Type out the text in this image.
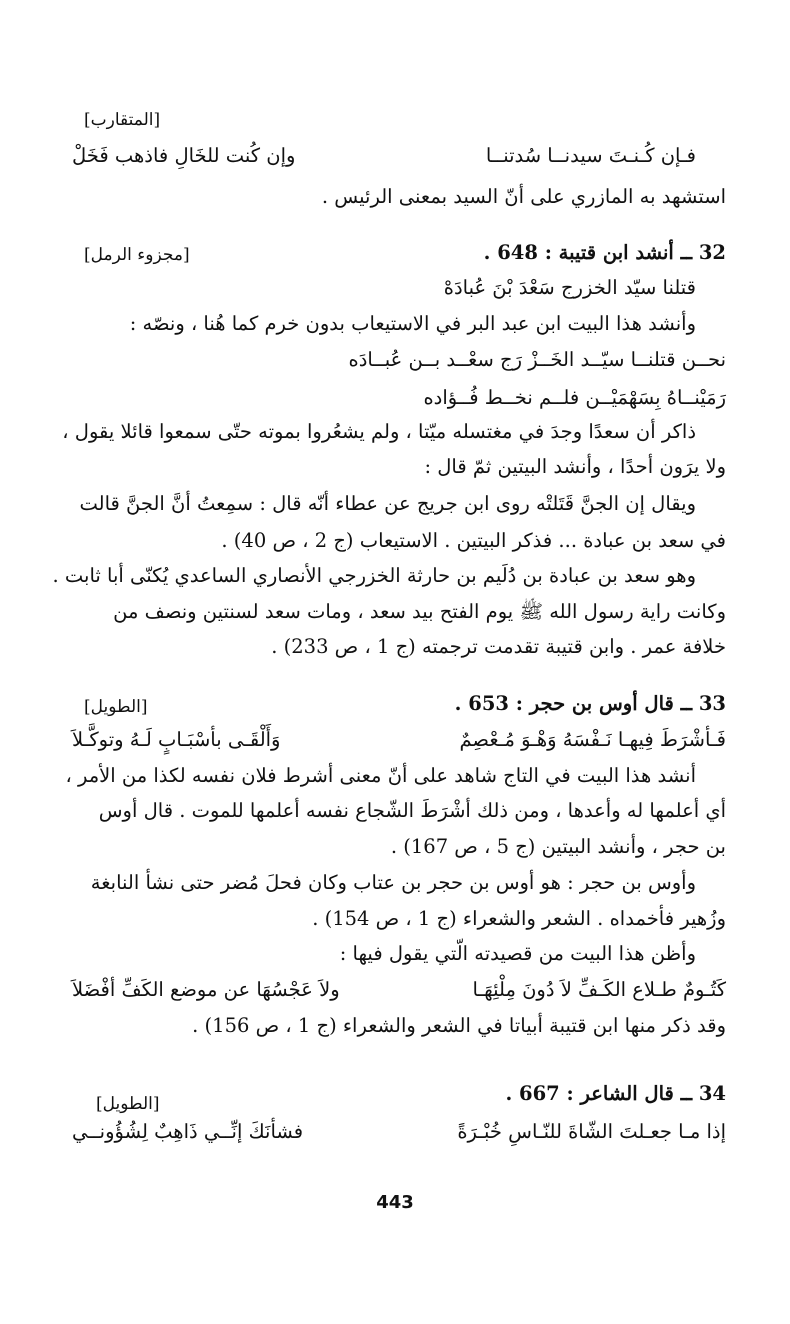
[المتقارب]
فـإن كُـنـتَ سيدنــا سُدتنــا
وإن كُنت للخَالِ فاذهب فَخَلْ
استشهد به المازري على أنّ السيد بمعنى الرئيس .
32 ــ أنشد ابن قتيبة : 648 .
[مجزوء الرمل]
قتلنا سيّد الخزرج سَعْدَ بْنَ عُبادَهْ
وأنشد هذا البيت ابن عبد البر في الاستيعاب بدون خرم كما هُنا ، ونصّه :
نحــن قتلنــا سيّــد الخَــزْ رَج سعْــد بــن عُبــادَه
رَمَيْنــاهُ بِسَهْمَيْــن فلــم نخــط فُــؤاده
ذاكر أن سعدًا وجدَ في مغتسله ميّتا ، ولم يشعُروا بموته حتّى سمعوا قائلا يقول ،
ولا يرَون أحدًا ، وأنشد البيتين ثمّ قال :
ويقال إن الجنَّ قَتَلتْه روى ابن جريج عن عطاء أنّه قال : سمِعتُ أنَّ الجنَّ قالت
في سعد بن عبادة ... فذكر البيتين . الاستيعاب (ج 2 ، ص 40) .
وهو سعد بن عبادة بن دُلَيم بن حارثة الخزرجي الأنصاري الساعدي يُكنّى أبا ثابت .
وكانت راية رسول الله ﷺ يوم الفتح بيد سعد ، ومات سعد لسنتين ونصف من
خلافة عمر . وابن قتيبة تقدمت ترجمته (ج 1 ، ص 233) .
33 ــ قال أوس بن حجر : 653 .
[الطويل]
فَـأشْرَطَ فِيهـا نَـفْسَهُ وَهْـوَ مُـعْصِمٌ
وَأَلْقَـى بأسْبَـابٍ لَـهُ وتوكَّـلاَ
أنشد هذا البيت في التاج شاهد على أنّ معنى أشرط فلان نفسه لكذا من الأمر ،
أي أعلمها له وأعدها ، ومن ذلك أشْرَطَ الشّجاع نفسه أعلمها للموت . قال أوس
بن حجر ، وأنشد البيتين (ج 5 ، ص 167) .
وأوس بن حجر : هو أوس بن حجر بن عتاب وكان فحلَ مُضر حتى نشأ النابغة
وزُهير فأخمداه . الشعر والشعراء (ج 1 ، ص 154) .
وأظن هذا البيت من قصيدته الّتي يقول فيها :
كَتُـومٌ طـلاع الكَـفِّ لاَ دُونَ مِلْئِهَـا
ولاَ عَجْسُهَا عن موضع الكَفِّ أفْضَلاَ
وقد ذكر منها ابن قتيبة أبياتا في الشعر والشعراء (ج 1 ، ص 156) .
34 ــ قال الشاعر : 667 .
[الطويل]
إذا مـا جعـلتَ الشّاةَ للنّـاسِ خُبْـرَةً
فشأنَكَ إنِّــي ذَاهِبٌ لِشُؤُونــي
443
